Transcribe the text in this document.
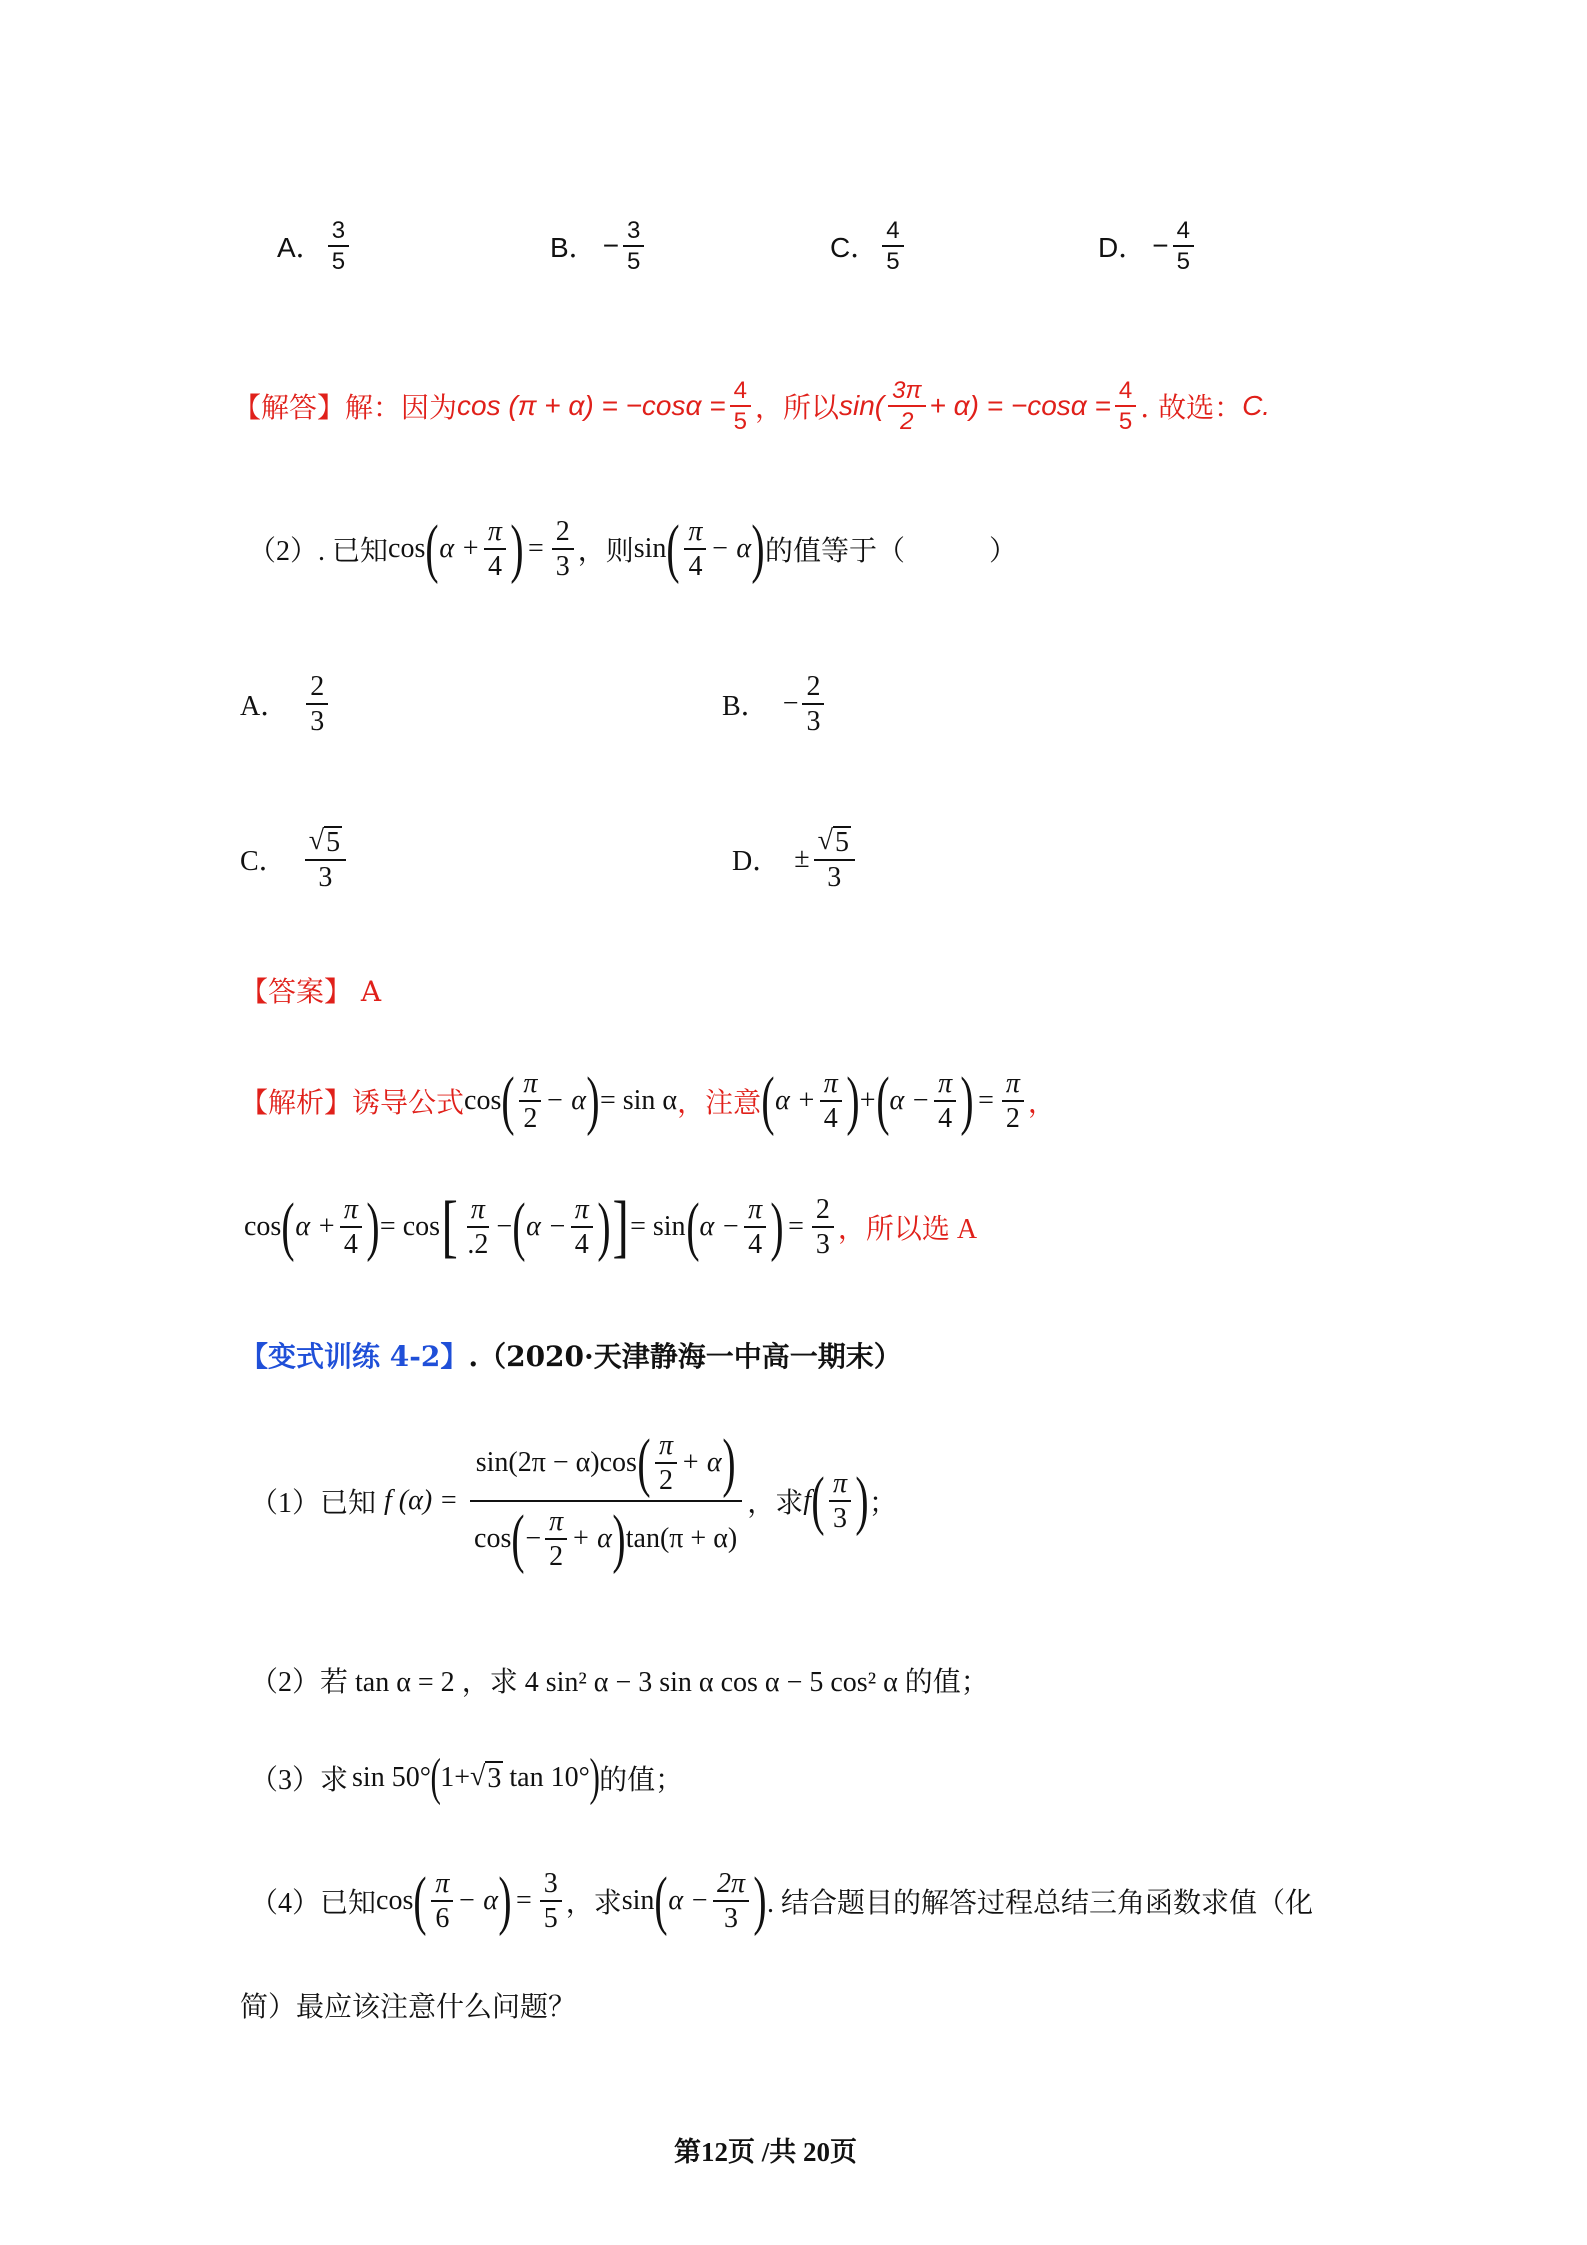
A． $\frac{3}{5}$	B． − $\frac{3}{5}$	C． $\frac{4}{5}$	D． − $\frac{4}{5}$
【解答】 解：因为 $\cos (\pi + \alpha) = -\cos\alpha = \frac{4}{5}$ ，所以 $\sin( \frac{3\pi}{2} + \alpha) = -\cos\alpha = \frac{4}{5}$ . 故选： C.
（2）. 已知 cos ( $\alpha + \frac{\pi}{4}$ ) = $\frac{2}{3}$ ，则 sin ( $\frac{\pi}{4} - \alpha$ ) 的值等于（　　　）
A． $\frac{2}{3}$	B． − $\frac{2}{3}$
C． $\frac{√ 5}{3}$	D． ± $\frac{√ 5}{3}$
【答案】 A
【解析】 诱导公式 cos ( $\frac{\pi}{2} - \alpha$ ) = sin α ，注意 ( $\alpha + \frac{\pi}{4}$ ) + ( $\alpha - \frac{\pi}{4}$ ) = $\frac{\pi}{2}$ ，
cos ( $\alpha + \frac{\pi}{4}$ ) = cos [ $\frac{\pi}{.2}$ − ( $\alpha - \frac{\pi}{4}$ ) ] = sin ( $\alpha - \frac{\pi}{4}$ ) = $\frac{2}{3}$ ，所以选 A
【变式训练 4-2】.（2020·天津静海一中高一期末）
（1）已知 f (α) =
sin(2π − α)cos ( $\frac{\pi}{2} + \alpha$ )
cos ( − $\frac{\pi}{2} + \alpha$ ) tan(π + α)
，求 f ( $\frac{\pi}{3}$ ) ；
（2）若 tan α = 2 ，求 4 sin² α − 3 sin α cos α − 5 cos² α 的值；
（3）求 sin 50° ( 1+ √ 3 tan 10° ) 的值；
（4）已知 cos ( $\frac{\pi}{6} - \alpha$ ) = $\frac{3}{5}$ ，求 sin ( $\alpha - \frac{2\pi}{3}$ ) . 结合题目的解答过程总结三角函数求值（化
简）最应该注意什么问题？
第12页 /共 20页
